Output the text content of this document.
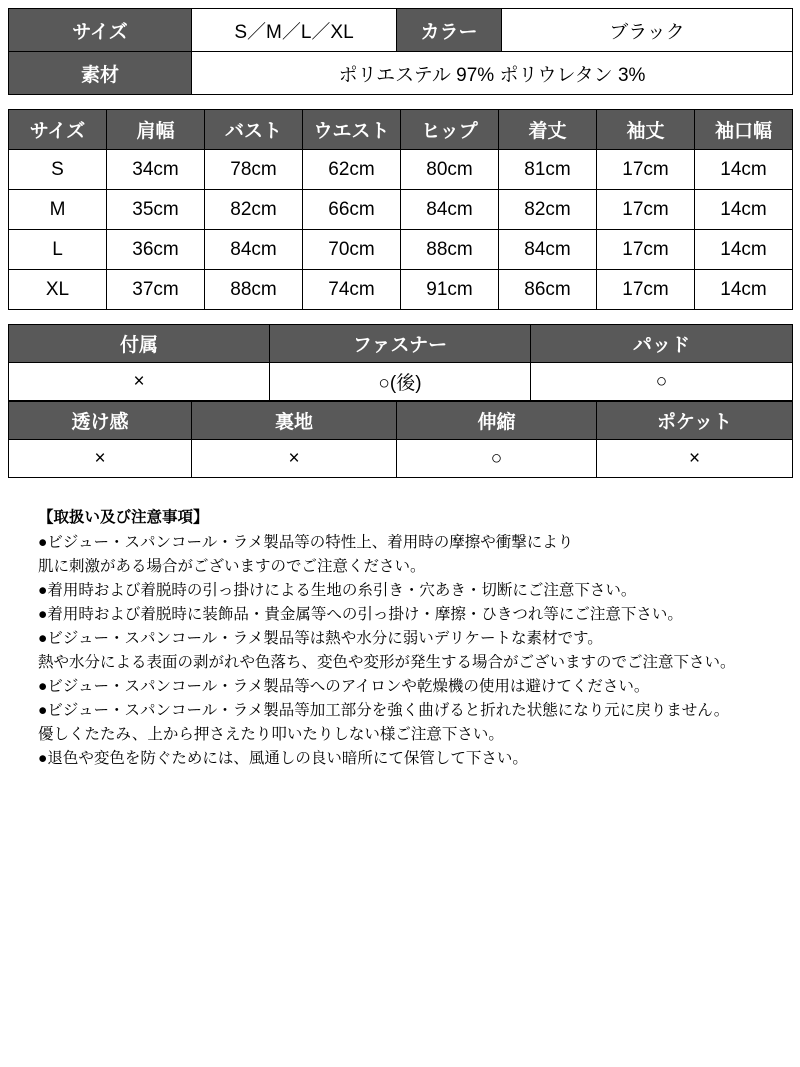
サイズ	S／M／L／XL	カラー	ブラック
素材	ポリエステル 97% ポリウレタン 3%		
サイズ	肩幅	バスト	ウエスト	ヒップ	着丈	袖丈	袖口幅
S	34cm	78cm	62cm	80cm	81cm	17cm	14cm
M	35cm	82cm	66cm	84cm	82cm	17cm	14cm
L	36cm	84cm	70cm	88cm	84cm	17cm	14cm
XL	37cm	88cm	74cm	91cm	86cm	17cm	14cm
付属	ファスナー	パッド
×	○(後)	○
透け感	裏地	伸縮	ポケット
×	×	○	×

【取扱い及び注意事項】

●ビジュー・スパンコール・ラメ製品等の特性上、着用時の摩擦や衝撃により

肌に刺激がある場合がございますのでご注意ください。

●着用時および着脱時の引っ掛けによる生地の糸引き・穴あき・切断にご注意下さい。

●着用時および着脱時に装飾品・貴金属等への引っ掛け・摩擦・ひきつれ等にご注意下さい。

●ビジュー・スパンコール・ラメ製品等は熱や水分に弱いデリケートな素材です。

熱や水分による表面の剥がれや色落ち、変色や変形が発生する場合がございますのでご注意下さい。

●ビジュー・スパンコール・ラメ製品等へのアイロンや乾燥機の使用は避けてください。

●ビジュー・スパンコール・ラメ製品等加工部分を強く曲げると折れた状態になり元に戻りません。

優しくたたみ、上から押さえたり叩いたりしない様ご注意下さい。

●退色や変色を防ぐためには、風通しの良い暗所にて保管して下さい。
